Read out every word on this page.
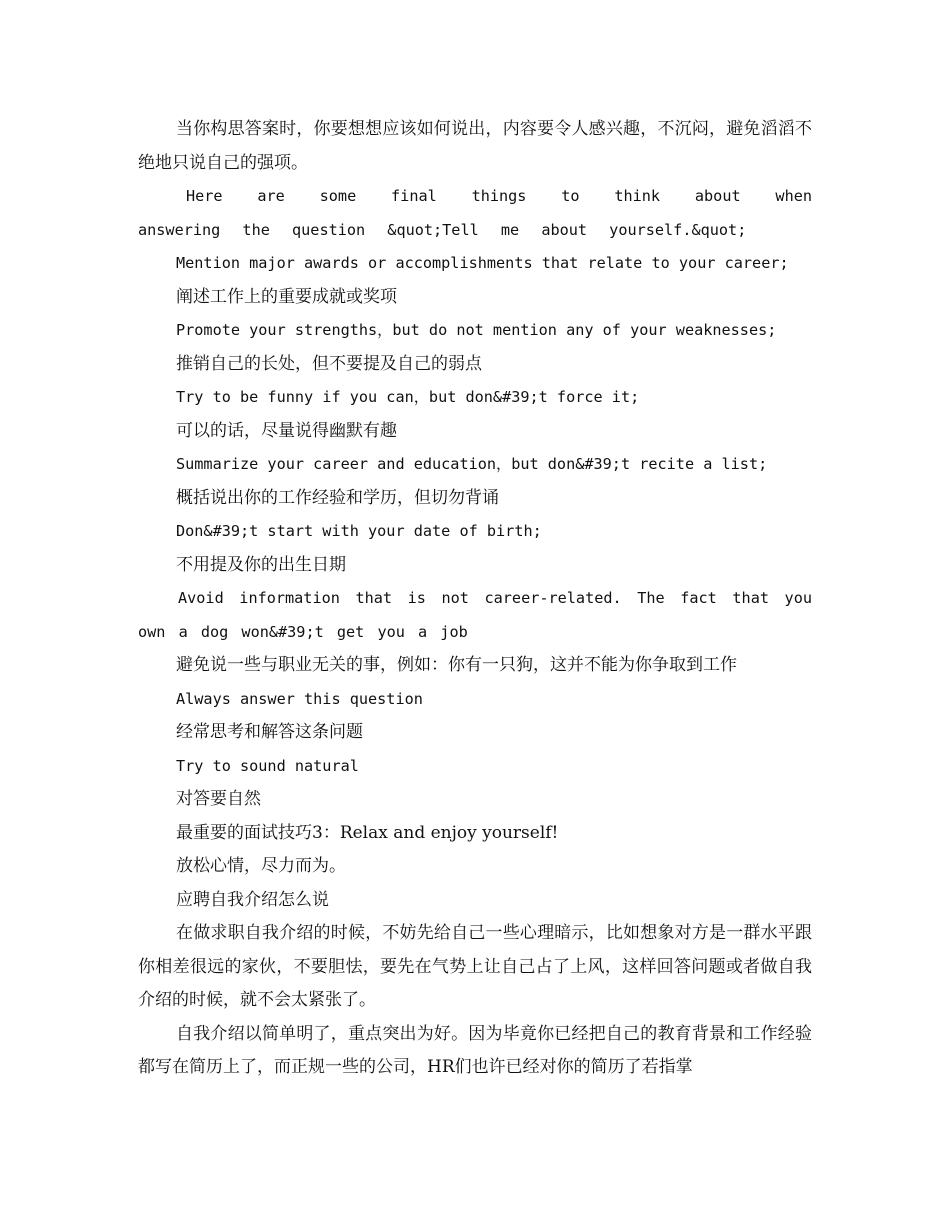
当你构思答案时，你要想想应该如何说出，内容要令人感兴趣，不沉闷，避免滔滔不绝地只说自己的强项。

Here are some final things to think about when answering the question &quot;Tell me about yourself.&quot;

Mention major awards or accomplishments that relate to your career;

阐述工作上的重要成就或奖项

Promote your strengths，but do not mention any of your weaknesses;

推销自己的长处，但不要提及自己的弱点

Try to be funny if you can，but don&#39;t force it;

可以的话，尽量说得幽默有趣

Summarize your career and education，but don&#39;t recite a list;

概括说出你的工作经验和学历，但切勿背诵

Don&#39;t start with your date of birth;

不用提及你的出生日期

Avoid information that is not career-related. The fact that you own a dog won&#39;t get you a job

避免说一些与职业无关的事，例如：你有一只狗，这并不能为你争取到工作

Always answer this question

经常思考和解答这条问题

Try to sound natural

对答要自然

最重要的面试技巧3：Relax and enjoy yourself!

放松心情，尽力而为。

应聘自我介绍怎么说

在做求职自我介绍的时候，不妨先给自己一些心理暗示，比如想象对方是一群水平跟你相差很远的家伙，不要胆怯，要先在气势上让自己占了上风，这样回答问题或者做自我介绍的时候，就不会太紧张了。

自我介绍以简单明了，重点突出为好。因为毕竟你已经把自己的教育背景和工作经验都写在简历上了，而正规一些的公司，HR们也许已经对你的简历了若指掌
